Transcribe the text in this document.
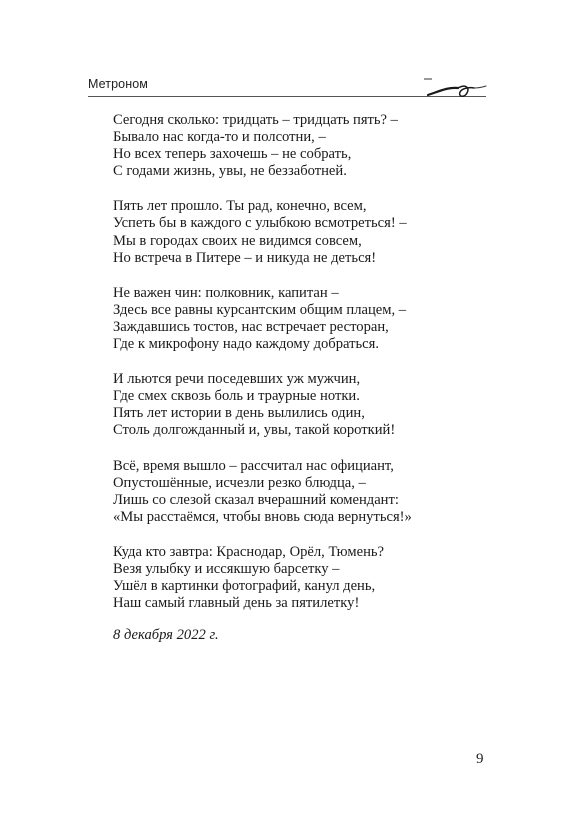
Метроном
Сегодня сколько: тридцать – тридцать пять? –
Бывало нас когда-то и полсотни, –
Но всех теперь захочешь – не собрать,
С годами жизнь, увы, не беззаботней.
Пять лет прошло. Ты рад, конечно, всем,
Успеть бы в каждого с улыбкою всмотреться! –
Мы в городах своих не видимся совсем,
Но встреча в Питере – и никуда не деться!
Не важен чин: полковник, капитан –
Здесь все равны курсантским общим плацем, –
Заждавшись тостов, нас встречает ресторан,
Где к микрофону надо каждому добраться.
И льются речи поседевших уж мужчин,
Где смех сквозь боль и траурные нотки.
Пять лет истории в день вылились один,
Столь долгожданный и, увы, такой короткий!
Всё, время вышло – рассчитал нас официант,
Опустошённые, исчезли резко блюдца, –
Лишь со слезой сказал вчерашний комендант:
«Мы расстаёмся, чтобы вновь сюда вернуться!»
Куда кто завтра: Краснодар, Орёл, Тюмень?
Везя улыбку и иссякшую барсетку –
Ушёл в картинки фотографий, канул день,
Наш самый главный день за пятилетку!
8 декабря 2022 г.
9
